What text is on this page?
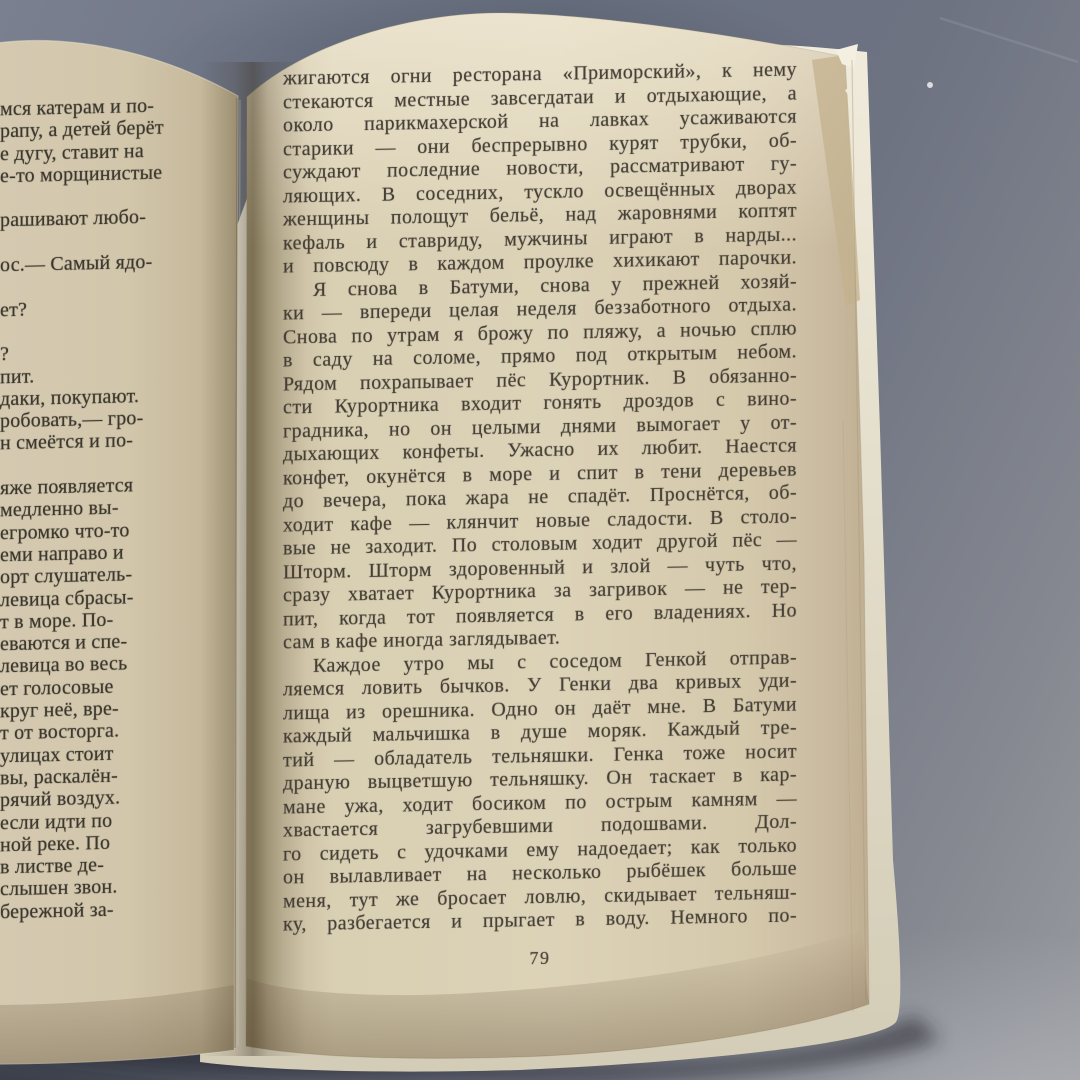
мся катерам и по-
рапу, а детей берёт
е дугу, ставит на
е-то морщинистые

рашивают любо-

ос.— Самый ядо-

ет?

?
пит.
даки, покупают.
робовать,— гро-
н смеётся и по-

яже появляется
медленно вы-
егромко что-то
еми направо и
орт слушатель-
левица сбрасы-
т в море. По-
еваются и спе-
левица во весь
ет голосовые
круг неё, вре-
т от восторга.
улицах стоит
вы, раскалён-
рячий воздух.
если идти по
ной реке. По
в листве де-
слышен звон.
бережной за-
жигаются огни ресторана «Приморский», к нему
стекаются местные завсегдатаи и отдыхающие, а
около парикмахерской на лавках усаживаются
старики — они беспрерывно курят трубки, об-
суждают последние новости, рассматривают гу-
ляющих. В соседних, тускло освещённых дворах
женщины полощут бельё, над жаровнями коптят
кефаль и ставриду, мужчины играют в нарды...
и повсюду в каждом проулке хихикают парочки.
Я снова в Батуми, снова у прежней хозяй-
ки — впереди целая неделя беззаботного отдыха.
Снова по утрам я брожу по пляжу, а ночью сплю
в саду на соломе, прямо под открытым небом.
Рядом похрапывает пёс Курортник. В обязанно-
сти Курортника входит гонять дроздов с вино-
градника, но он целыми днями вымогает у от-
дыхающих конфеты. Ужасно их любит. Наестся
конфет, окунётся в море и спит в тени деревьев
до вечера, пока жара не спадёт. Проснётся, об-
ходит кафе — клянчит новые сладости. В столо-
вые не заходит. По столовым ходит другой пёс —
Шторм. Шторм здоровенный и злой — чуть что,
сразу хватает Курортника за загривок — не тер-
пит, когда тот появляется в его владениях. Но
сам в кафе иногда заглядывает.
Каждое утро мы с соседом Генкой отправ-
ляемся ловить бычков. У Генки два кривых уди-
лища из орешника. Одно он даёт мне. В Батуми
каждый мальчишка в душе моряк. Каждый тре-
тий — обладатель тельняшки. Генка тоже носит
драную выцветшую тельняшку. Он таскает в кар-
мане ужа, ходит босиком по острым камням —
хвастается загрубевшими подошвами. Дол-
го сидеть с удочками ему надоедает; как только
он вылавливает на несколько рыбёшек больше
меня, тут же бросает ловлю, скидывает тельняш-
ку, разбегается и прыгает в воду. Немного по-
79
